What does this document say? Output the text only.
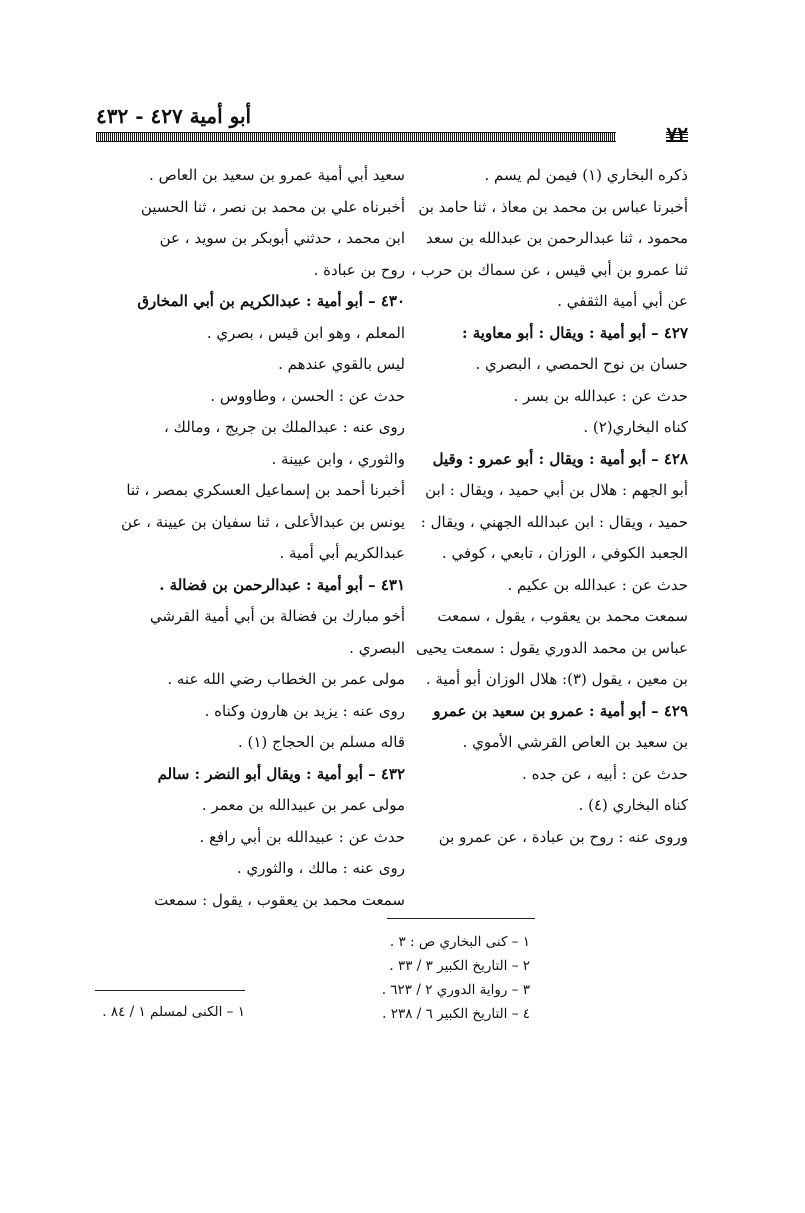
أبو أمية ٤٢٧ - ٤٣٢
٧٢
ذكره البخاري (١) فيمن لم يسم .
أخبرنا عباس بن محمد بن معاذ ، ثنا حامد بن
محمود ، ثنا عبدالرحمن بن عبدالله بن سعد
ثنا عمرو بن أبي قيس ، عن سماك بن حرب ،
عن أبي أمية الثقفي .
٤٢٧ – أبو أمية : ويقال : أبو معاوية :
حسان بن نوح الحمصي ، البصري .
حدث عن : عبدالله بن بسر .
كناه البخاري(٢) .
٤٢٨ – أبو أمية : ويقال : أبو عمرو : وقيل
أبو الجهم : هلال بن أبي حميد ، ويقال : ابن
حميد ، ويقال : ابن عبدالله الجهني ، ويقال :
الجعبد الكوفي ، الوزان ، تابعي ، كوفي .
حدث عن : عبدالله بن عكيم .
سمعت محمد بن يعقوب ، يقول ، سمعت
عباس بن محمد الدوري يقول : سمعت يحيى
بن معين ، يقول (٣): هلال الوزان أبو أمية .
٤٢٩ – أبو أمية : عمرو بن سعيد بن عمرو
بن سعيد بن العاص القرشي الأموي .
حدث عن : أبيه ، عن جده .
كناه البخاري (٤) .
وروى عنه : روح بن عبادة ، عن عمرو بن
سعيد أبي أمية عمرو بن سعيد بن العاص .
أخبرناه علي بن محمد بن نصر ، ثنا الحسين
ابن محمد ، حدثني أبوبكر بن سويد ، عن
روح بن عبادة .
٤٣٠ – أبو أمية : عبدالكريم بن أبي المخارق
المعلم ، وهو ابن قيس ، بصري .
ليس بالقوي عندهم .
حدث عن : الحسن ، وطاووس .
روى عنه : عبدالملك بن جريج ، ومالك ،
والثوري ، وابن عيينة .
أخبرنا أحمد بن إسماعيل العسكري بمصر ، ثنا
يونس بن عبدالأعلى ، ثنا سفيان بن عيينة ، عن
عبدالكريم أبي أمية .
٤٣١ – أبو أمية : عبدالرحمن بن فضالة .
أخو مبارك بن فضالة بن أبي أمية القرشي
البصري .
مولى عمر بن الخطاب رضي الله عنه .
روى عنه : يزيد بن هارون وكناه .
قاله مسلم بن الحجاج (١) .
٤٣٢ – أبو أمية : ويقال أبو النضر : سالم
مولى عمر بن عبيدالله بن معمر .
حدث عن : عبيدالله بن أبي رافع .
روى عنه : مالك ، والثوري .
سمعت محمد بن يعقوب ، يقول : سمعت
١ – كنى البخاري ص : ٣ .
٢ – التاريخ الكبير ٣ / ٣٣ .
٣ – رواية الدوري ٢ / ٦٢٣ .
٤ – التاريخ الكبير ٦ / ٢٣٨ .
١ – الكنى لمسلم ١ / ٨٤ .
